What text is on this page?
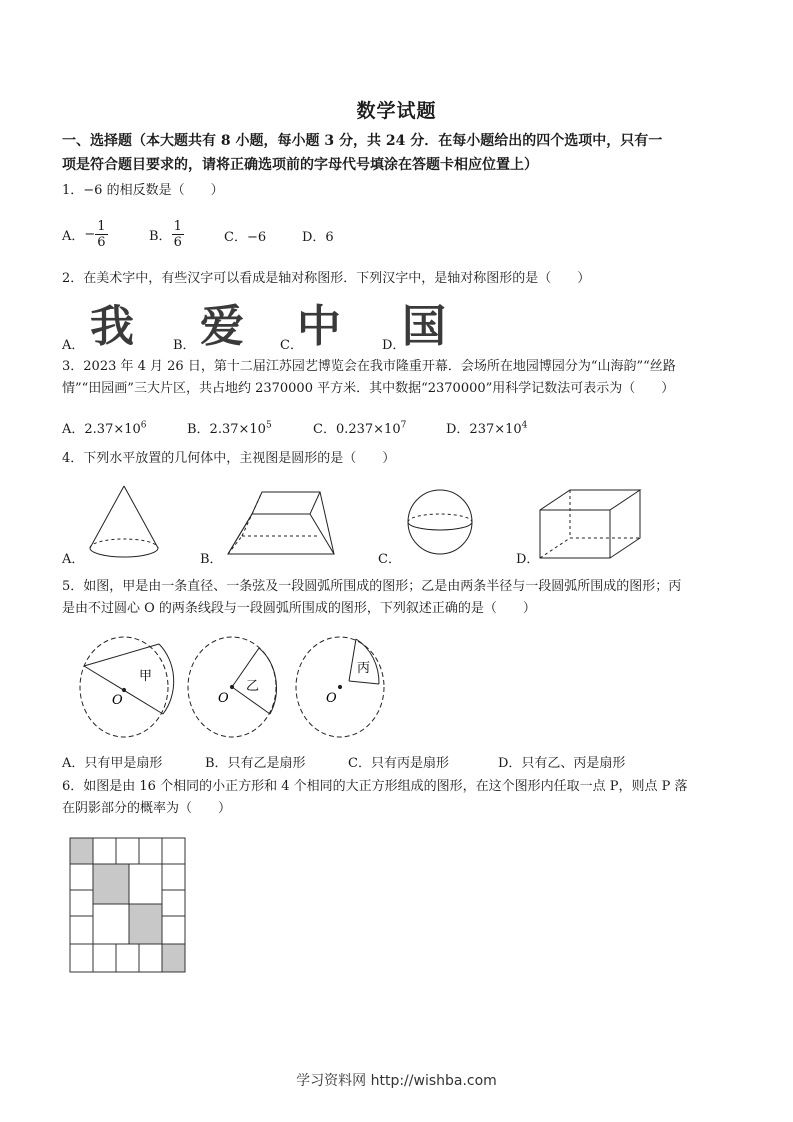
数学试题
一、选择题（本大题共有 8 小题，每小题 3 分，共 24 分．在每小题给出的四个选项中，只有一
项是符合题目要求的，请将正确选项前的字母代号填涂在答题卡相应位置上）
1．−6 的相反数是（　　）
A． − $\frac{1}{6}$	B． $\frac{1}{6}$	C．−6	D．6
2．在美术字中，有些汉字可以看成是轴对称图形．下列汉字中，是轴对称图形的是（　　）
A． 我	B． 爱	C．
中	D．
国
3．2023 年 4 月 26 日，第十二届江苏园艺博览会在我市隆重开幕．会场所在地园博园分为“山海韵”“丝路
情”“田园画”三大片区，共占地约 2370000 平方米．其中数据“2370000”用科学记数法可表示为（　　）
A．$2.37\times 10^6$	B．$2.37\times 10^5$	C．$0.237\times 10^7$	D．$237\times 10^4$
4．下列水平放置的几何体中，主视图是圆形的是（　　）
A．	B．	C．	D．
5．如图，甲是由一条直径、一条弦及一段圆弧所围成的图形；乙是由两条半径与一段圆弧所围成的图形；丙
是由不过圆心 O 的两条线段与一段圆弧所围成的图形，下列叙述正确的是（　　）
甲
O
乙
O
丙
O
A．只有甲是扇形	B．只有乙是扇形	C．只有丙是扇形	D．只有乙、丙是扇形
6．如图是由 16 个相同的小正方形和 4 个相同的大正方形组成的图形，在这个图形内任取一点 P，则点 P 落
在阴影部分的概率为（　　）
学习资料网 http://wishba.com
